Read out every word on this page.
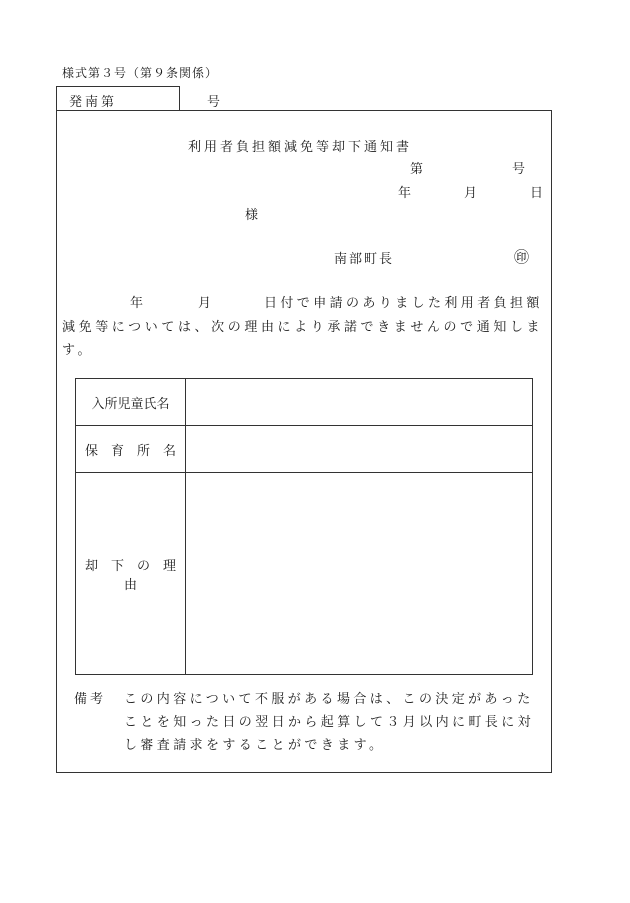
様式第３号（第９条関係）
発南第	号
利用者負担額減免等却下通知書
第	号
年	月	日
様
南部町長	㊞
年	月	日付で申請のありました利用者負担額
減免等については、次の理由により承諾できませんので通知しま
す。
入所児童氏名	
保　育　所　名	
却　下　の　理　由	
備考 この内容について不服がある場合は、この決定があった
ことを知った日の翌日から起算して３月以内に町長に対
し審査請求をすることができます。
